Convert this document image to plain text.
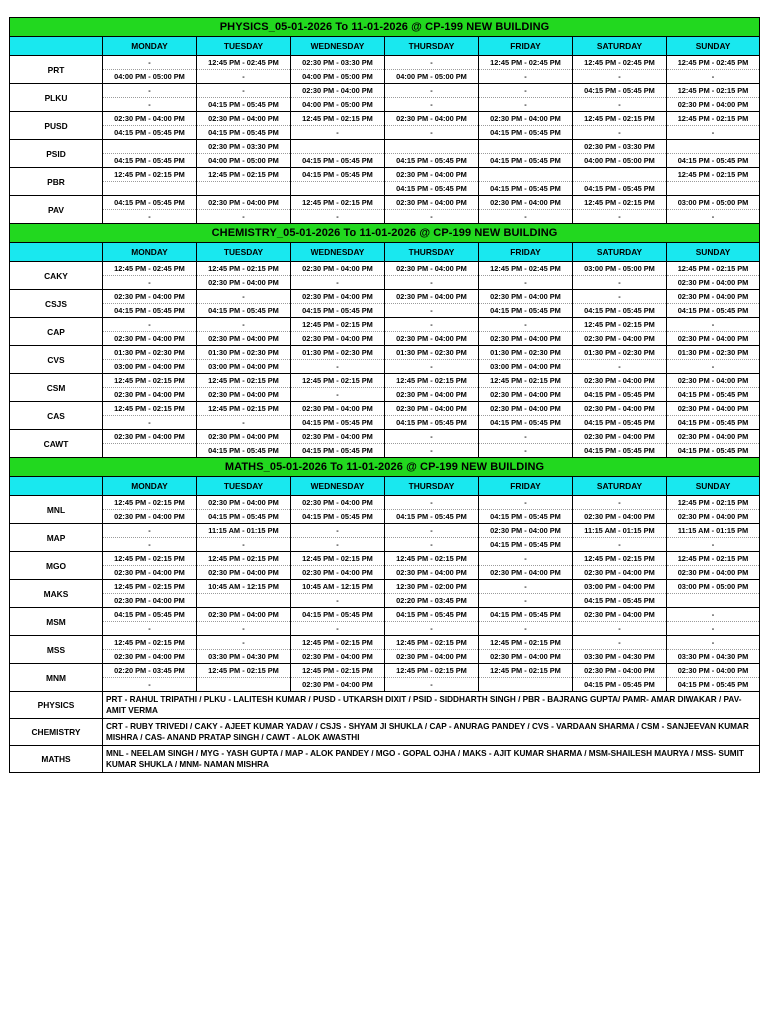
PHYSICS_05-01-2026 To 11-01-2026 @ CP-199 NEW BUILDING							
	MONDAY	TUESDAY	WEDNESDAY	THURSDAY	FRIDAY	SATURDAY	SUNDAY
PRT	-	12:45 PM - 02:45 PM	02:30 PM - 03:30 PM	-	12:45 PM - 02:45 PM	12:45 PM - 02:45 PM	12:45 PM - 02:45 PM
	04:00 PM - 05:00 PM	-	04:00 PM - 05:00 PM	04:00 PM - 05:00 PM	-	-	-
PLKU	-	-	02:30 PM - 04:00 PM	-	-	04:15 PM - 05:45 PM	12:45 PM - 02:15 PM
	-	04:15 PM - 05:45 PM	04:00 PM - 05:00 PM	-	-	-	02:30 PM - 04:00 PM
PUSD	02:30 PM - 04:00 PM	02:30 PM - 04:00 PM	12:45 PM - 02:15 PM	02:30 PM - 04:00 PM	02:30 PM - 04:00 PM	12:45 PM - 02:15 PM	12:45 PM - 02:15 PM
	04:15 PM - 05:45 PM	04:15 PM - 05:45 PM	-	-	04:15 PM - 05:45 PM	-	-
PSID		02:30 PM - 03:30 PM				02:30 PM - 03:30 PM	
	04:15 PM - 05:45 PM	04:00 PM - 05:00 PM	04:15 PM - 05:45 PM	04:15 PM - 05:45 PM	04:15 PM - 05:45 PM	04:00 PM - 05:00 PM	04:15 PM - 05:45 PM
PBR	12:45 PM - 02:15 PM	12:45 PM - 02:15 PM	04:15 PM - 05:45 PM	02:30 PM - 04:00 PM			12:45 PM - 02:15 PM
				04:15 PM - 05:45 PM	04:15 PM - 05:45 PM	04:15 PM - 05:45 PM	
PAV	04:15 PM - 05:45 PM	02:30 PM - 04:00 PM	12:45 PM - 02:15 PM	02:30 PM - 04:00 PM	02:30 PM - 04:00 PM	12:45 PM - 02:15 PM	03:00 PM - 05:00 PM
	-	-	-	-	-	-	-
CHEMISTRY_05-01-2026 To 11-01-2026 @ CP-199 NEW BUILDING							
	MONDAY	TUESDAY	WEDNESDAY	THURSDAY	FRIDAY	SATURDAY	SUNDAY
CAKY	12:45 PM - 02:45 PM	12:45 PM - 02:15 PM	02:30 PM - 04:00 PM	02:30 PM - 04:00 PM	12:45 PM - 02:45 PM	03:00 PM - 05:00 PM	12:45 PM - 02:15 PM
	-	02:30 PM - 04:00 PM	-	-	-	-	02:30 PM - 04:00 PM
CSJS	02:30 PM - 04:00 PM	-	02:30 PM - 04:00 PM	02:30 PM - 04:00 PM	02:30 PM - 04:00 PM	-	02:30 PM - 04:00 PM
	04:15 PM - 05:45 PM	04:15 PM - 05:45 PM	04:15 PM - 05:45 PM	-	04:15 PM - 05:45 PM	04:15 PM - 05:45 PM	04:15 PM - 05:45 PM
CAP	-	-	12:45 PM - 02:15 PM	-	-	12:45 PM - 02:15 PM	-
	02:30 PM - 04:00 PM	02:30 PM - 04:00 PM	02:30 PM - 04:00 PM	02:30 PM - 04:00 PM	02:30 PM - 04:00 PM	02:30 PM - 04:00 PM	02:30 PM - 04:00 PM
CVS	01:30 PM - 02:30 PM	01:30 PM - 02:30 PM	01:30 PM - 02:30 PM	01:30 PM - 02:30 PM	01:30 PM - 02:30 PM	01:30 PM - 02:30 PM	01:30 PM - 02:30 PM
	03:00 PM - 04:00 PM	03:00 PM - 04:00 PM	-	-	03:00 PM - 04:00 PM	-	-
CSM	12:45 PM - 02:15 PM	12:45 PM - 02:15 PM	12:45 PM - 02:15 PM	12:45 PM - 02:15 PM	12:45 PM - 02:15 PM	02:30 PM - 04:00 PM	02:30 PM - 04:00 PM
	02:30 PM - 04:00 PM	02:30 PM - 04:00 PM	-	02:30 PM - 04:00 PM	02:30 PM - 04:00 PM	04:15 PM - 05:45 PM	04:15 PM - 05:45 PM
CAS	12:45 PM - 02:15 PM	12:45 PM - 02:15 PM	02:30 PM - 04:00 PM	02:30 PM - 04:00 PM	02:30 PM - 04:00 PM	02:30 PM - 04:00 PM	02:30 PM - 04:00 PM
	-	-	04:15 PM - 05:45 PM	04:15 PM - 05:45 PM	04:15 PM - 05:45 PM	04:15 PM - 05:45 PM	04:15 PM - 05:45 PM
CAWT	02:30 PM - 04:00 PM	02:30 PM - 04:00 PM	02:30 PM - 04:00 PM	-	-	02:30 PM - 04:00 PM	02:30 PM - 04:00 PM
		04:15 PM - 05:45 PM	04:15 PM - 05:45 PM	-	-	04:15 PM - 05:45 PM	04:15 PM - 05:45 PM
MATHS_05-01-2026 To 11-01-2026 @ CP-199 NEW BUILDING							
	MONDAY	TUESDAY	WEDNESDAY	THURSDAY	FRIDAY	SATURDAY	SUNDAY
MNL	12:45 PM - 02:15 PM	02:30 PM - 04:00 PM	02:30 PM - 04:00 PM	-	-	-	12:45 PM - 02:15 PM
	02:30 PM - 04:00 PM	04:15 PM - 05:45 PM	04:15 PM - 05:45 PM	04:15 PM - 05:45 PM	04:15 PM - 05:45 PM	02:30 PM - 04:00 PM	02:30 PM - 04:00 PM
MAP	-	11:15 AM - 01:15 PM	-	-	02:30 PM - 04:00 PM	11:15 AM - 01:15 PM	11:15 AM - 01:15 PM
	-	-	-	-	04:15 PM - 05:45 PM	-	-
MGO	12:45 PM - 02:15 PM	12:45 PM - 02:15 PM	12:45 PM - 02:15 PM	12:45 PM - 02:15 PM	-	12:45 PM - 02:15 PM	12:45 PM - 02:15 PM
	02:30 PM - 04:00 PM	02:30 PM - 04:00 PM	02:30 PM - 04:00 PM	02:30 PM - 04:00 PM	02:30 PM - 04:00 PM	02:30 PM - 04:00 PM	02:30 PM - 04:00 PM
MAKS	12:45 PM - 02:15 PM	10:45 AM - 12:15 PM	10:45 AM - 12:15 PM	12:30 PM - 02:00 PM	-	03:00 PM - 04:00 PM	03:00 PM - 05:00 PM
	02:30 PM - 04:00 PM		-	02:20 PM - 03:45 PM	-	04:15 PM - 05:45 PM	
MSM	04:15 PM - 05:45 PM	02:30 PM - 04:00 PM	04:15 PM - 05:45 PM	04:15 PM - 05:45 PM	04:15 PM - 05:45 PM	02:30 PM - 04:00 PM	-
	-	-	-	-	-	-	-
MSS	12:45 PM - 02:15 PM	-	12:45 PM - 02:15 PM	12:45 PM - 02:15 PM	12:45 PM - 02:15 PM	-	-
	02:30 PM - 04:00 PM	03:30 PM - 04:30 PM	02:30 PM - 04:00 PM	02:30 PM - 04:00 PM	02:30 PM - 04:00 PM	03:30 PM - 04:30 PM	03:30 PM - 04:30 PM
MNM	02:20 PM - 03:45 PM	12:45 PM - 02:15 PM	12:45 PM - 02:15 PM	12:45 PM - 02:15 PM	12:45 PM - 02:15 PM	02:30 PM - 04:00 PM	02:30 PM - 04:00 PM
	-		02:30 PM - 04:00 PM	-		04:15 PM - 05:45 PM	04:15 PM - 05:45 PM
PHYSICS	PRT - RAHUL TRIPATHI / PLKU - LALITESH KUMAR / PUSD - UTKARSH DIXIT / PSID - SIDDHARTH SINGH / PBR - BAJRANG GUPTA/ PAMR- AMAR DIWAKAR / PAV- AMIT VERMA						
CHEMISTRY	CRT - RUBY TRIVEDI / CAKY - AJEET KUMAR YADAV / CSJS - SHYAM JI SHUKLA / CAP - ANURAG PANDEY / CVS - VARDAAN SHARMA / CSM - SANJEEVAN KUMAR MISHRA / CAS- ANAND PRATAP SINGH / CAWT - ALOK AWASTHI						
MATHS	MNL - NEELAM SINGH / MYG - YASH GUPTA / MAP - ALOK PANDEY / MGO - GOPAL OJHA / MAKS - AJIT KUMAR SHARMA / MSM-SHAILESH MAURYA / MSS- SUMIT KUMAR SHUKLA / MNM- NAMAN MISHRA						
